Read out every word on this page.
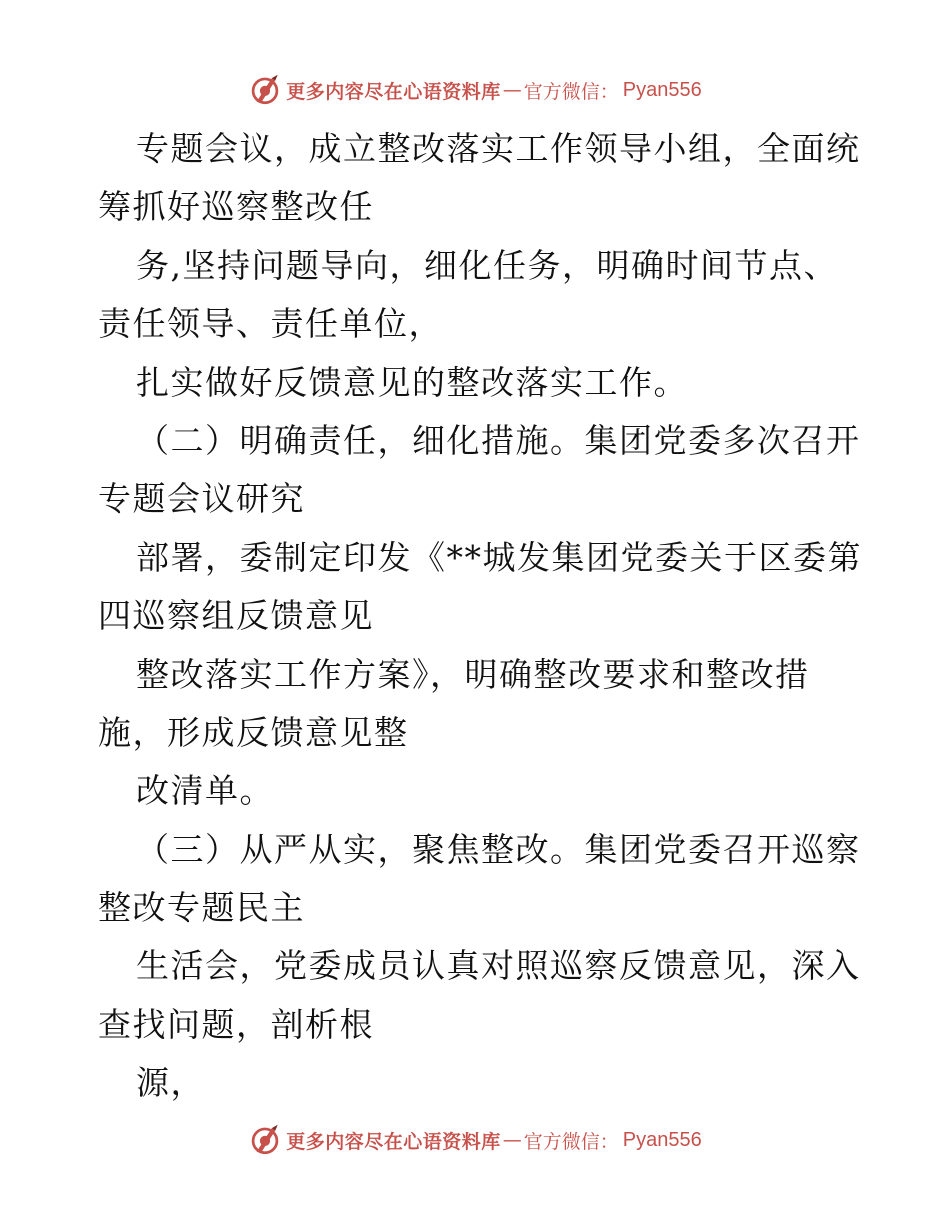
更多内容尽在心语资料库 — 官方微信： Pyan556
专题会议，成立整改落实工作领导小组，全面统
筹抓好巡察整改任
务,坚持问题导向，细化任务，明确时间节点、
责任领导、责任单位，
扎实做好反馈意见的整改落实工作。
（二）明确责任，细化措施。集团党委多次召开
专题会议研究
部署，委制定印发《**城发集团党委关于区委第
四巡察组反馈意见
整改落实工作方案》，明确整改要求和整改措
施，形成反馈意见整
改清单。
（三）从严从实，聚焦整改。集团党委召开巡察
整改专题民主
生活会，党委成员认真对照巡察反馈意见，深入
查找问题，剖析根
源，
更多内容尽在心语资料库 — 官方微信： Pyan556
